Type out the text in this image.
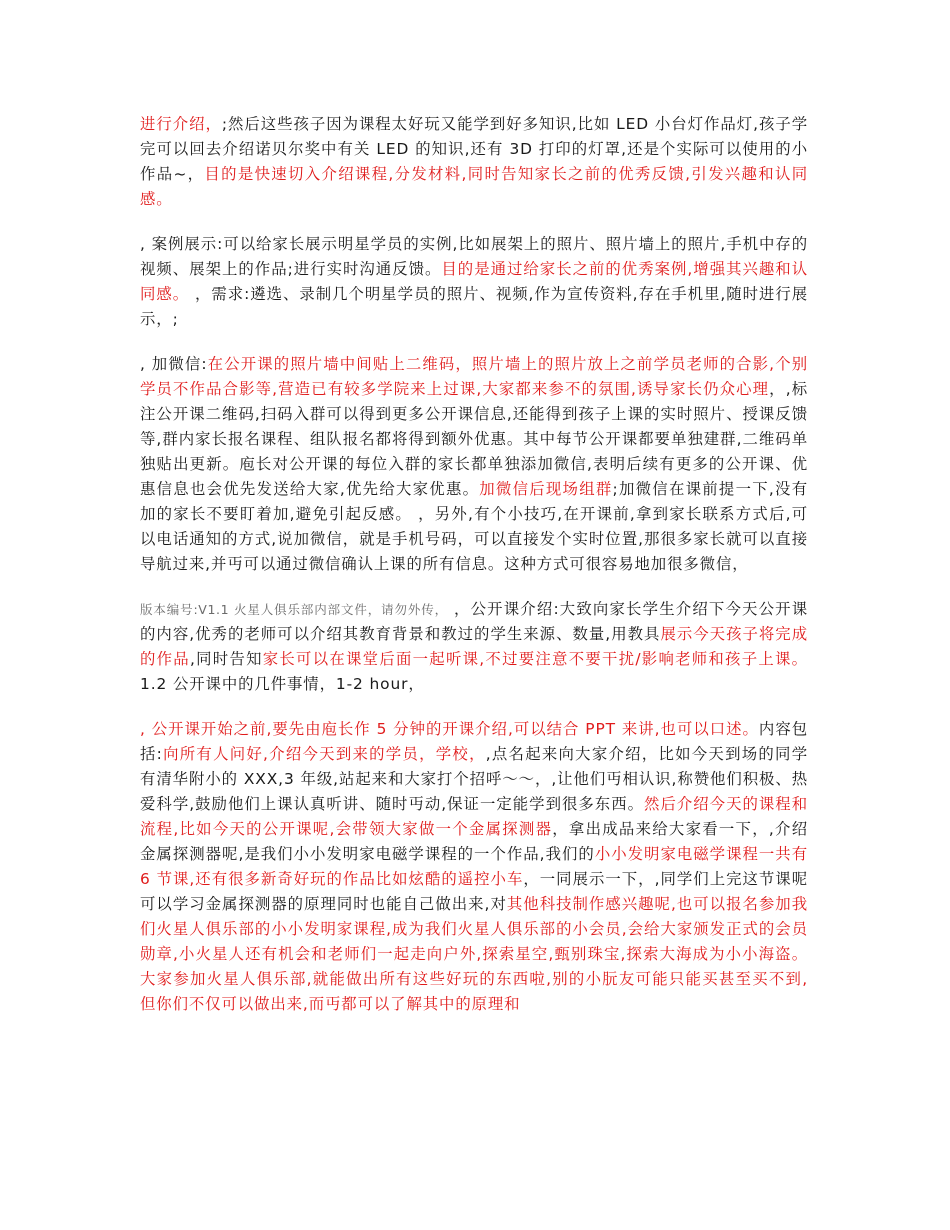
进行介绍，;然后这些孩子因为课程太好玩又能学到好多知识,比如 LED 小台灯作品灯,孩子学完可以回去介绍诺贝尔奖中有关 LED 的知识,还有 3D 打印的灯罩,还是个实际可以使用的小作品~，目的是快速切入介绍课程,分发材料,同时告知家长之前的优秀反馈,引发兴趣和认同感。

, 案例展示:可以给家长展示明星学员的实例,比如展架上的照片、照片墙上的照片,手机中存的视频、展架上的作品;进行实时沟通反馈。目的是通过给家长之前的优秀案例,增强其兴趣和认同感。 ，需求:遴选、录制几个明星学员的照片、视频,作为宣传资料,存在手机里,随时进行展示，;

, 加微信:在公开课的照片墙中间贴上二维码，照片墙上的照片放上之前学员老师的合影,个别学员不作品合影等,营造已有较多学院来上过课,大家都来参不的氛围,诱导家长仍众心理，,标注公开课二维码,扫码入群可以得到更多公开课信息,还能得到孩子上课的实时照片、授课反馈等,群内家长报名课程、组队报名都将得到额外优惠。其中每节公开课都要单独建群,二维码单独贴出更新。庖长对公开课的每位入群的家长都单独添加微信,表明后续有更多的公开课、优惠信息也会优先发送给大家,优先给大家优惠。加微信后现场组群;加微信在课前提一下,没有加的家长不要盯着加,避免引起反感。 ，另外,有个小技巧,在开课前,拿到家长联系方式后,可以电话通知的方式,说加微信，就是手机号码，可以直接发个实时位置,那很多家长就可以直接导航过来,并丏可以通过微信确认上课的所有信息。这种方式可很容易地加很多微信，

版本编号:V1.1 火星人俱乐部内部文件，请勿外传， ，公开课介绍:大致向家长学生介绍下今天公开课的内容,优秀的老师可以介绍其教育背景和教过的学生来源、数量,用教具展示今天孩子将完成的作品,同时告知家长可以在课堂后面一起听课,不过要注意不要干扰/影响老师和孩子上课。 1.2 公开课中的几件事情，1-2 hour，

, 公开课开始之前,要先由庖长作 5 分钟的开课介绍,可以结合 PPT 来讲,也可以口述。内容包括:向所有人问好,介绍今天到来的学员，学校，,点名起来向大家介绍，比如今天到场的同学有清华附小的 XXX,3 年级,站起来和大家打个招呼～～，,让他们丏相认识,称赞他们积极、热爱科学,鼓励他们上课认真听讲、随时丏动,保证一定能学到很多东西。然后介绍今天的课程和流程,比如今天的公开课呢,会带领大家做一个金属探测器，拿出成品来给大家看一下，,介绍金属探测器呢,是我们小小发明家电磁学课程的一个作品,我们的小小发明家电磁学课程一共有 6 节课,还有很多新奇好玩的作品比如炫酷的遥控小车，一同展示一下，,同学们上完这节课呢可以学习金属探测器的原理同时也能自己做出来,对其他科技制作感兴趣呢,也可以报名参加我们火星人俱乐部的小小发明家课程,成为我们火星人俱乐部的小会员,会给大家颁发正式的会员勋章,小火星人还有机会和老师们一起走向户外,探索星空,甄别珠宝,探索大海成为小小海盗。大家参加火星人俱乐部,就能做出所有这些好玩的东西啦,别的小朊友可能只能买甚至买不到,但你们不仅可以做出来,而丏都可以了解其中的原理和
